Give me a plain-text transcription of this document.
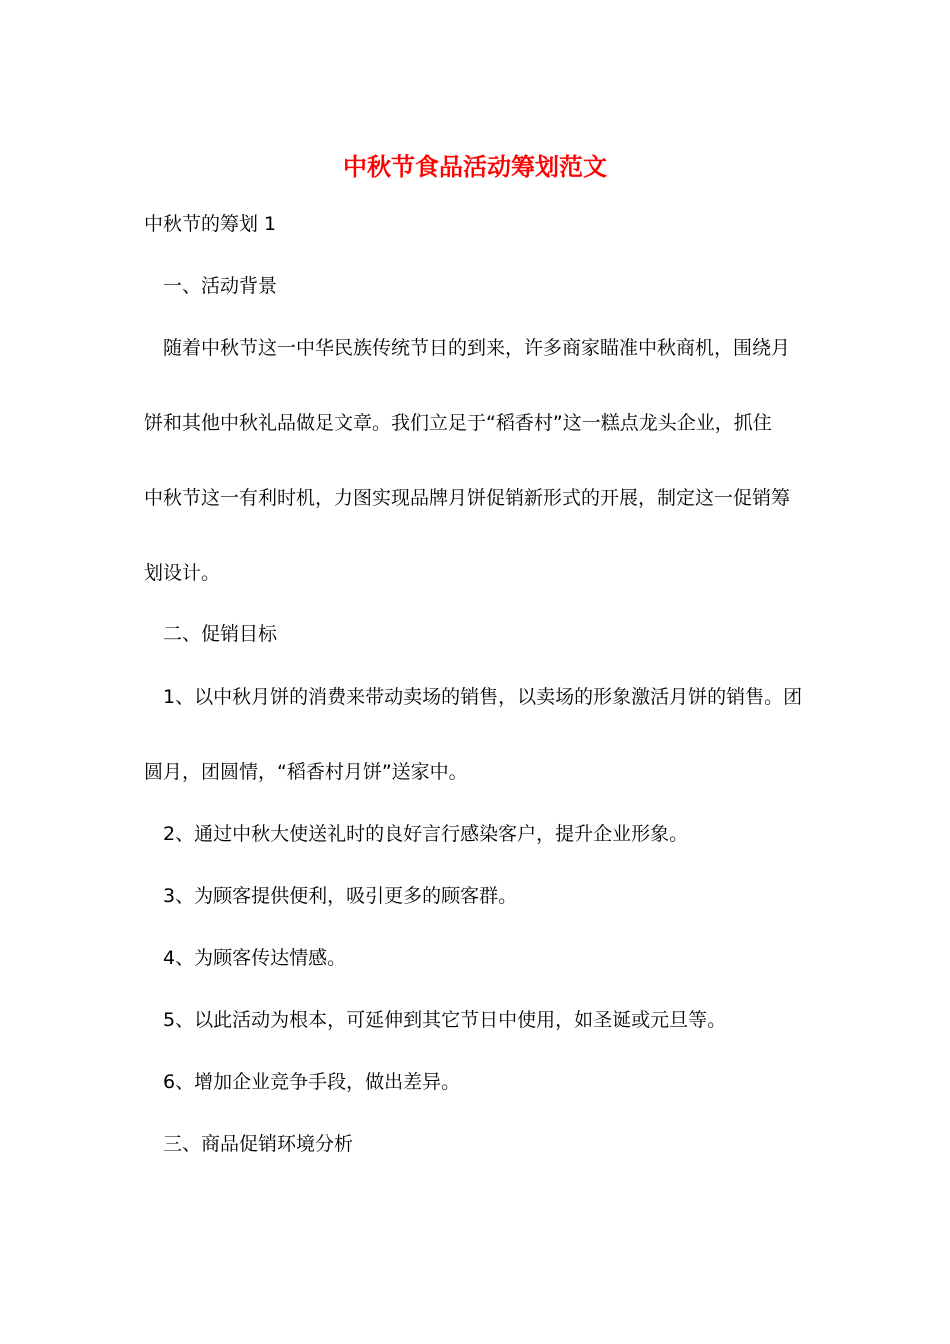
中秋节食品活动筹划范文

中秋节的筹划 1

一、活动背景

随着中秋节这一中华民族传统节日的到来，许多商家瞄准中秋商机，围绕月

饼和其他中秋礼品做足文章。我们立足于“稻香村”这一糕点龙头企业，抓住

中秋节这一有利时机，力图实现品牌月饼促销新形式的开展，制定这一促销筹

划设计。

二、促销目标

1、以中秋月饼的消费来带动卖场的销售，以卖场的形象激活月饼的销售。团

圆月，团圆情，“稻香村月饼”送家中。

2、通过中秋大使送礼时的良好言行感染客户，提升企业形象。

3、为顾客提供便利，吸引更多的顾客群。

4、为顾客传达情感。

5、以此活动为根本，可延伸到其它节日中使用，如圣诞或元旦等。

6、增加企业竞争手段，做出差异。

三、商品促销环境分析
